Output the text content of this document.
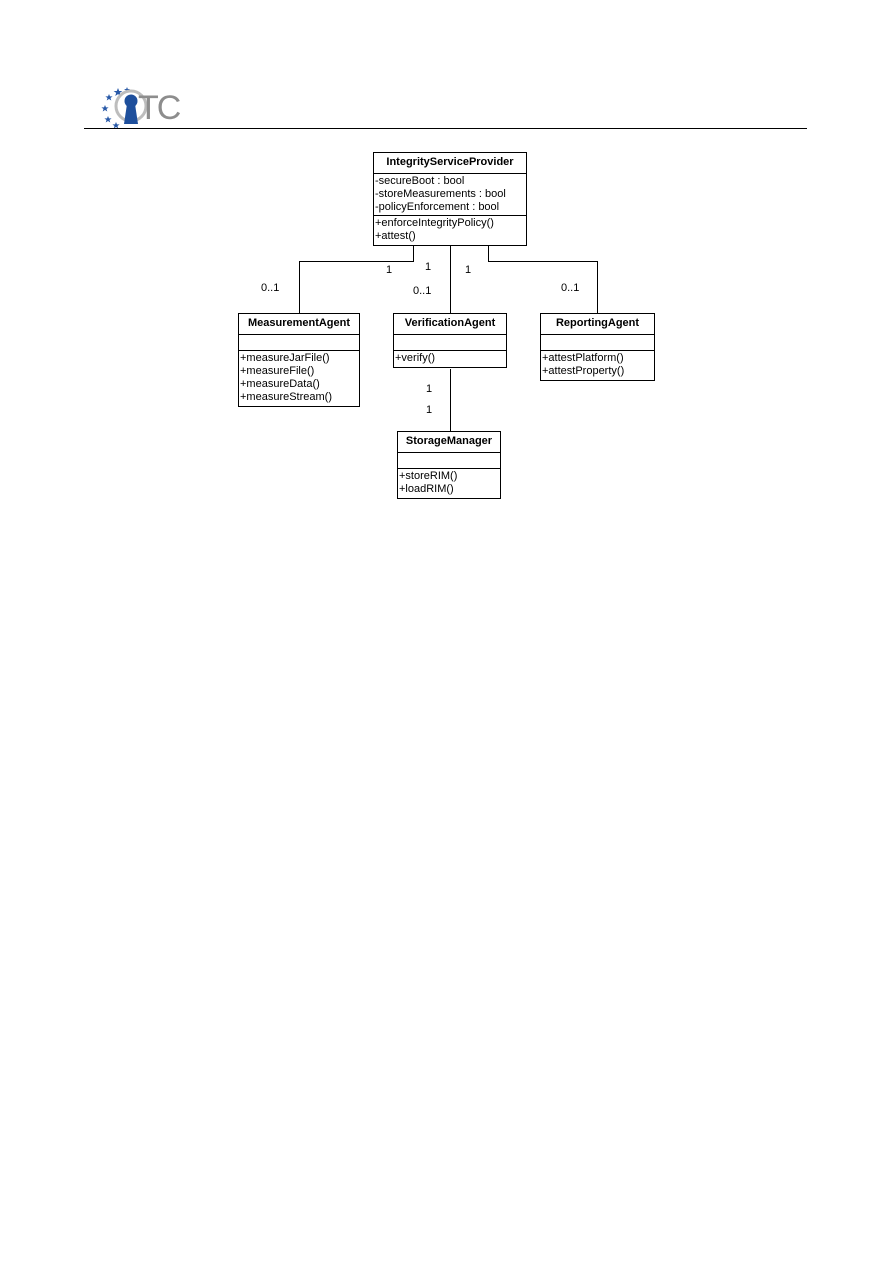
TC
IntegrityServiceProvider
-secureBoot : bool
-storeMeasurements : bool
-policyEnforcement : bool
+enforceIntegrityPolicy()
+attest()
MeasurementAgent
+measureJarFile()
+measureFile()
+measureData()
+measureStream()
VerificationAgent
+verify()
ReportingAgent
+attestPlatform()
+attestProperty()
StorageManager
+storeRIM()
+loadRIM()
1
0..1
1
0..1
1
0..1
1
1
